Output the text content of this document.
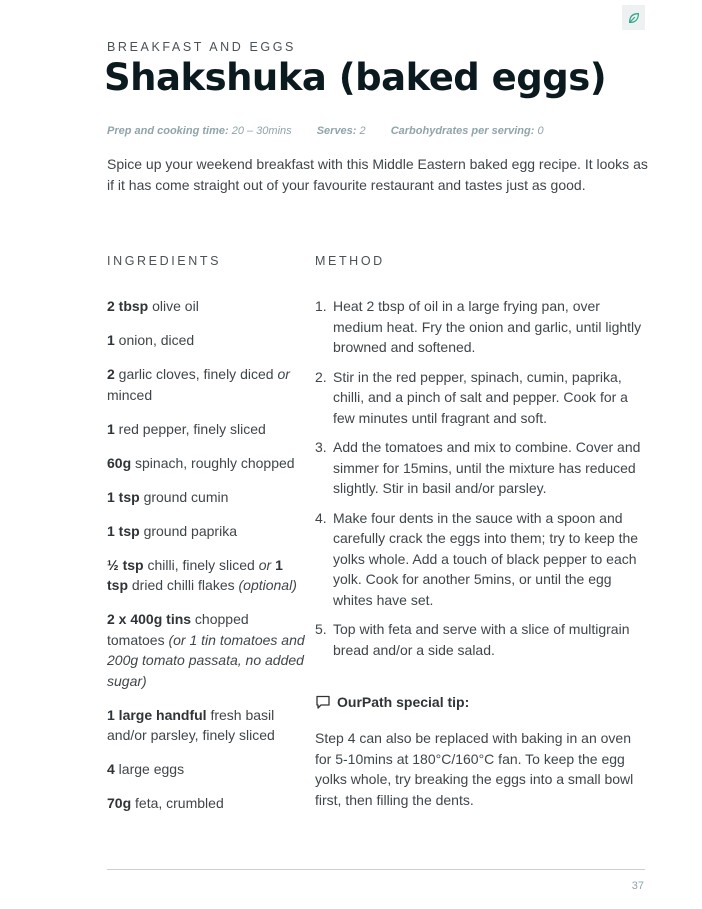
BREAKFAST AND EGGS
Shakshuka (baked eggs)
Prep and cooking time: 20 – 30mins Serves: 2 Carbohydrates per serving: 0

Spice up your weekend breakfast with this Middle Eastern baked egg recipe. It looks as if it has come straight out of your favourite restaurant and tastes just as good.

INGREDIENTS	METHOD
2 tbsp olive oil
1 onion, diced
2 garlic cloves, finely diced or minced
1 red pepper, finely sliced
60g spinach, roughly chopped
1 tsp ground cumin
1 tsp ground paprika
½ tsp chilli, finely sliced or 1 tsp dried chilli flakes (optional)
2 x 400g tins chopped tomatoes (or 1 tin tomatoes and 200g tomato passata, no added sugar)
1 large handful fresh basil and/or parsley, finely sliced
4 large eggs
70g feta, crumbled
1. Heat 2 tbsp of oil in a large frying pan, over medium heat. Fry the onion and garlic, until lightly browned and softened.
2. Stir in the red pepper, spinach, cumin, paprika, chilli, and a pinch of salt and pepper. Cook for a few minutes until fragrant and soft.
3. Add the tomatoes and mix to combine. Cover and simmer for 15mins, until the mixture has reduced slightly. Stir in basil and/or parsley.
4. Make four dents in the sauce with a spoon and carefully crack the eggs into them; try to keep the yolks whole. Add a touch of black pepper to each yolk. Cook for another 5mins, or until the egg whites have set.
5. Top with feta and serve with a slice of multigrain bread and/or a side salad.
OurPath special tip:

Step 4 can also be replaced with baking in an oven for 5-10mins at 180°C/160°C fan. To keep the egg yolks whole, try breaking the eggs into a small bowl first, then filling the dents.

37
